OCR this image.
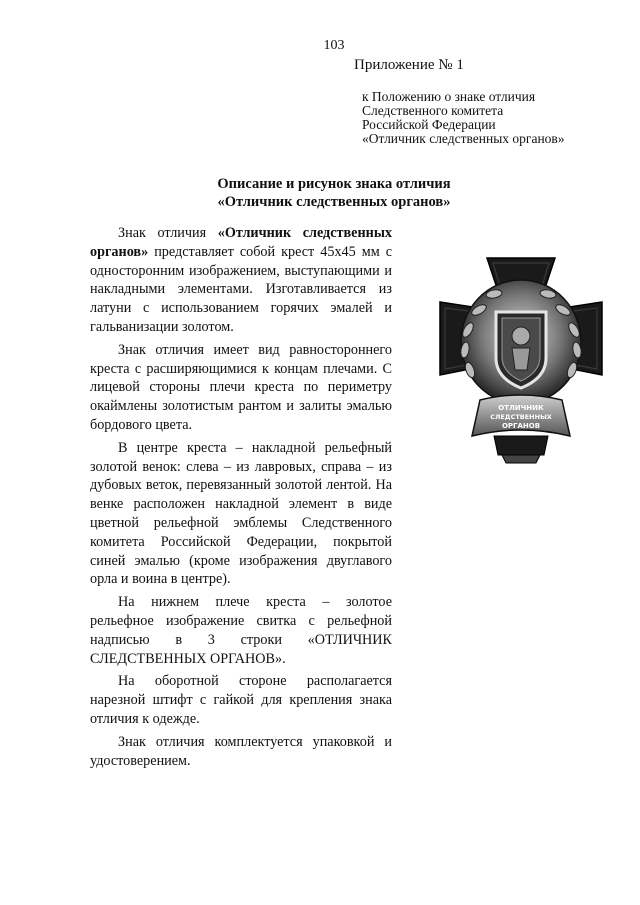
103
Приложение № 1
к Положению о знаке отличия
Следственного комитета
Российской Федерации
«Отличник следственных органов»
Описание и рисунок знака отличия
«Отличник следственных органов»

Знак отличия «Отличник следственных органов» представляет собой крест 45х45 мм с односторонним изображением, выступающими и накладными элементами. Изготавливается из латуни с использованием горячих эмалей и гальванизации золотом.

Знак отличия имеет вид равностороннего креста с расширяющимися к концам плечами. С лицевой стороны плечи креста по периметру окаймлены золотистым рантом и залиты эмалью бордового цвета.

В центре креста – накладной рельефный золотой венок: слева – из лавровых, справа – из дубовых веток, перевязанный золотой лентой. На венке расположен накладной элемент в виде цветной рельефной эмблемы Следственного комитета Российской Федерации, покрытой синей эмалью (кроме изображения двуглавого орла и воина в центре).

На нижнем плече креста – золотое рельефное изображение свитка с рельефной надписью в 3 строки «ОТЛИЧНИК СЛЕДСТВЕННЫХ ОРГАНОВ».

На оборотной стороне располагается нарезной штифт с гайкой для крепления знака отличия к одежде.

Знак отличия комплектуется упаковкой и удостоверением.

ОТЛИЧНИК
СЛЕДСТВЕННЫХ
ОРГАНОВ
